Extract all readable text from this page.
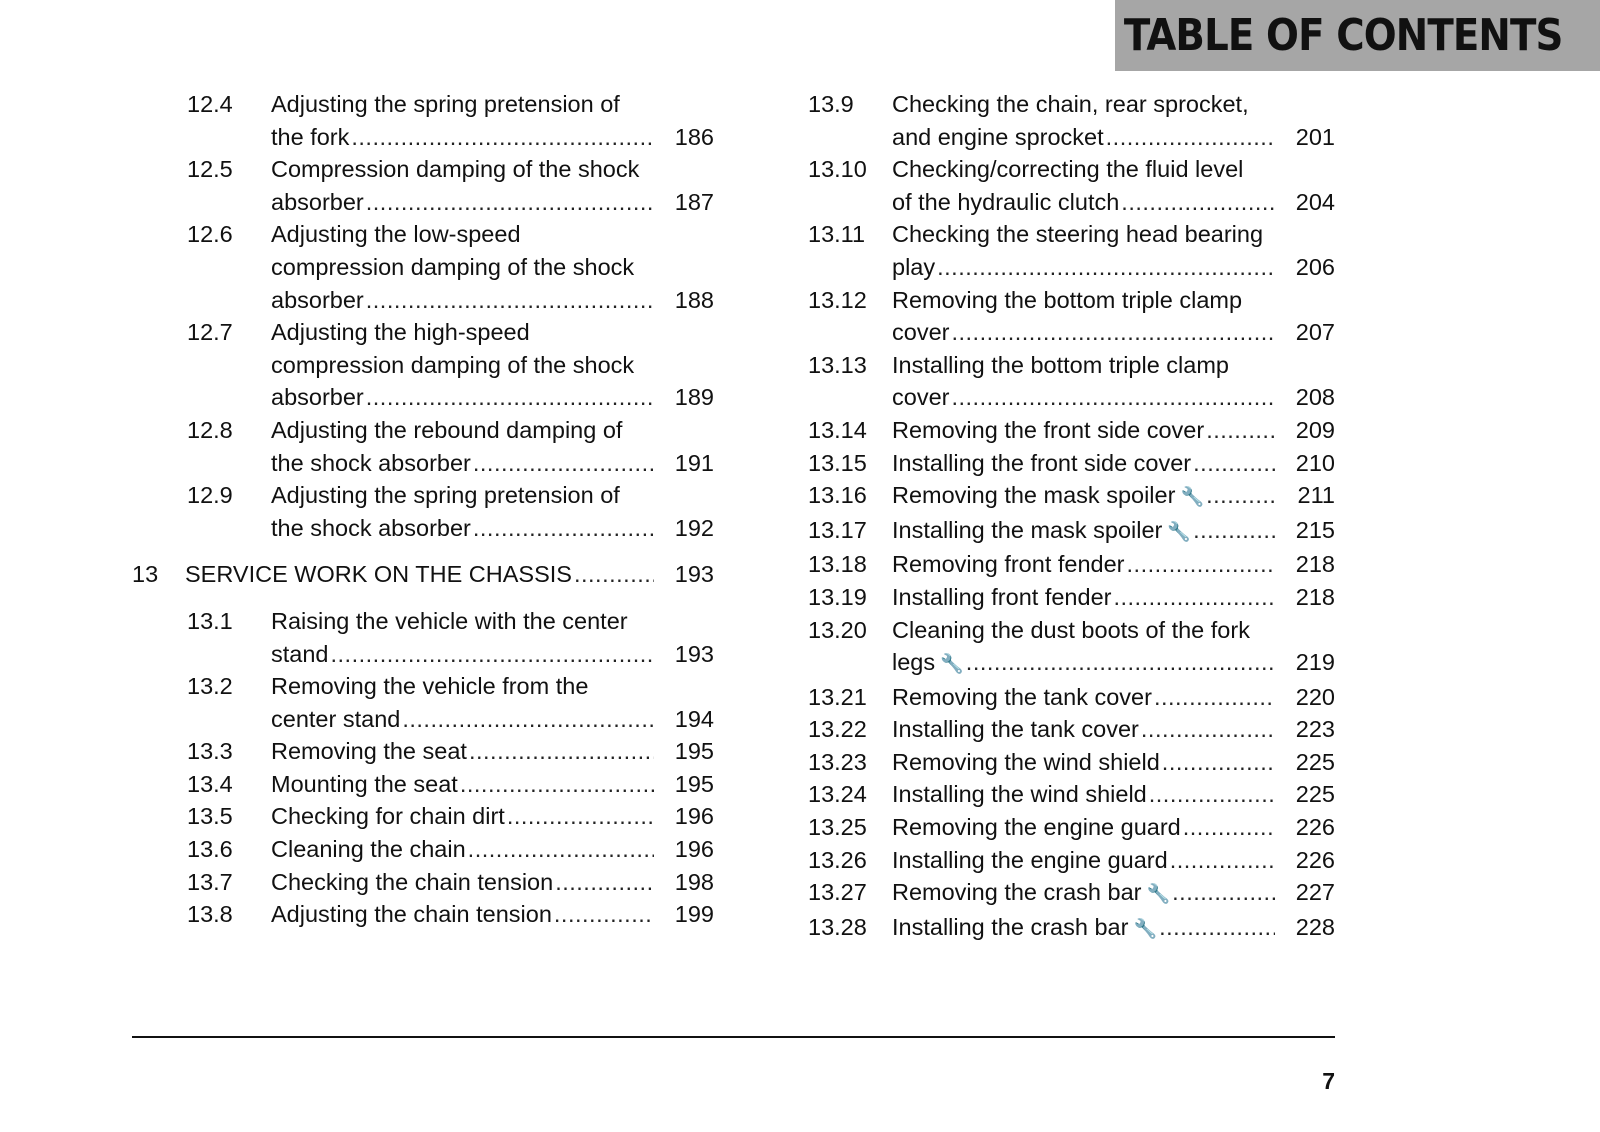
TABLE OF CONTENTS
12.4	Adjusting the spring pretension of
the fork .....	186
12.5	Compression damping of the shock
absorber .....	187
12.6	Adjusting the low-speed
compression damping of the shock
absorber .....	188
12.7	Adjusting the high-speed
compression damping of the shock
absorber .....	189
12.8	Adjusting the rebound damping of
the shock absorber .....	191
12.9	Adjusting the spring pretension of
the shock absorber .....	192
13	SERVICE WORK ON THE CHASSIS .....	193
13.1	Raising the vehicle with the center
stand .....	193
13.2	Removing the vehicle from the
center stand .....	194
13.3	Removing the seat .....	195
13.4	Mounting the seat .....	195
13.5	Checking for chain dirt .....	196
13.6	Cleaning the chain .....	196
13.7	Checking the chain tension .....	198
13.8	Adjusting the chain tension .....	199
13.9	Checking the chain, rear sprocket,
and engine sprocket .....	201
13.10	Checking/correcting the fluid level
of the hydraulic clutch .....	204
13.11	Checking the steering head bearing
play .....	206
13.12	Removing the bottom triple clamp
cover .....	207
13.13	Installing the bottom triple clamp
cover .....	208
13.14	Removing the front side cover .....	209
13.15	Installing the front side cover .....	210
13.16	Removing the mask spoiler 🔧 .....	211
13.17	Installing the mask spoiler 🔧 .....	215
13.18	Removing front fender .....	218
13.19	Installing front fender .....	218
13.20	Cleaning the dust boots of the fork
legs 🔧 .....	219
13.21	Removing the tank cover .....	220
13.22	Installing the tank cover .....	223
13.23	Removing the wind shield .....	225
13.24	Installing the wind shield .....	225
13.25	Removing the engine guard .....	226
13.26	Installing the engine guard .....	226
13.27	Removing the crash bar 🔧 .....	227
13.28	Installing the crash bar 🔧 .....	228
7
